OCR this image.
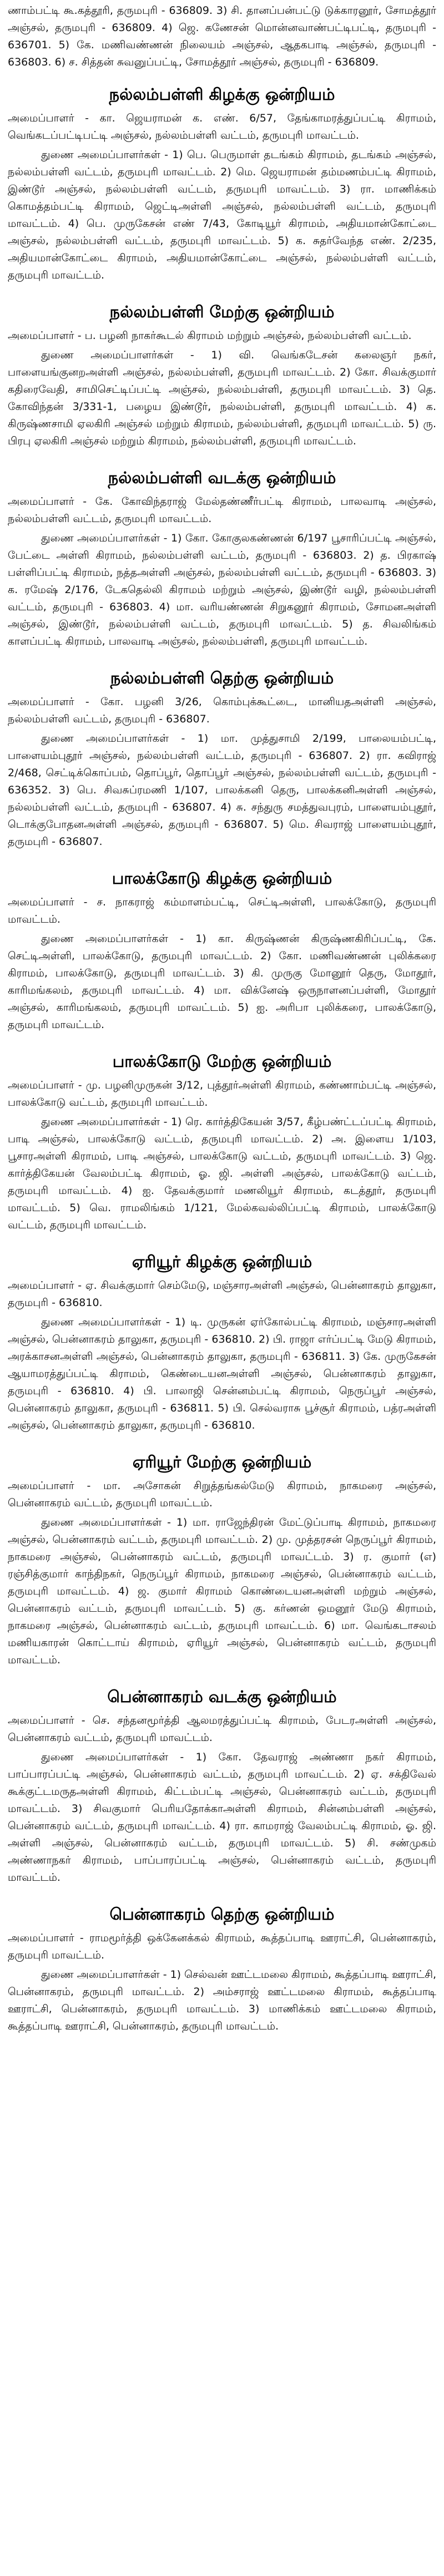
ணாம்பட்டி கூ.கத்தூரி, தருமபுரி - 636809. 3) சி. தானப்பன்பட்டு டுக்காரனூர், சோமத்தூர் அஞ்சல், தருமபுரி - 636809. 4) ஜெ. கணேசன் மொன்னவாண்பட்டிபட்டி, தருமபுரி - 636701. 5) கே. மணிவண்ணன் நிலையம் அஞ்சல், ஆதகபாடி அஞ்சல், தருமபுரி - 636803. 6) ச. சித்தன் சுவனுப்பட்டி, சோமத்தூர் அஞ்சல், தருமபுரி - 636809.

நல்லம்பள்ளி கிழக்கு ஒன்றியம்

அமைப்பாளர் - கா. ஜெயராமன் க. எண். 6/57, தேங்காமரத்துப்பட்டி கிராமம், வெங்கடப்பட்டிபட்டி அஞ்சல், நல்லம்பள்ளி வட்டம், தருமபுரி மாவட்டம்.

துணை அமைப்பாளர்கள் - 1) பெ. பெருமாள் தடங்கம் கிராமம், தடங்கம் அஞ்சல், நல்லம்பள்ளி வட்டம், தருமபுரி மாவட்டம். 2) மெ. ஜெயராமன் தம்மணம்பட்டி கிராமம், இண்டூர் அஞ்சல், நல்லம்பள்ளி வட்டம், தருமபுரி மாவட்டம். 3) ரா. மாணிக்கம் கொமத்தம்பட்டி கிராமம், ஜெட்டிஅள்ளி அஞ்சல், நல்லம்பள்ளி வட்டம், தருமபுரி மாவட்டம். 4) பெ. முருகேசன் எண் 7/43, கோடியூர் கிராமம், அதியமான்கோட்டை அஞ்சல், நல்லம்பள்ளி வட்டம், தருமபுரி மாவட்டம். 5) க. சுதர்வேந்த எண். 2/235, அதியமான்கோட்டை கிராமம், அதியமான்கோட்டை அஞ்சல், நல்லம்பள்ளி வட்டம், தருமபுரி மாவட்டம்.

நல்லம்பள்ளி மேற்கு ஒன்றியம்

அமைப்பாளர் - ப. பழனி நாகர்கூடல் கிராமம் மற்றும் அஞ்சல், நல்லம்பள்ளி வட்டம்.

துணை அமைப்பாளர்கள் - 1) வி. வெங்கடேசன் கலைஞர் நகர், பாளையங்குனறஅள்ளி அஞ்சல், நல்லம்பள்ளி, தருமபுரி மாவட்டம். 2) கோ. சிவக்குமார் கதிரைவேதி, சாமிசெட்டிப்பட்டி அஞ்சல், நல்லம்பள்ளி, தருமபுரி மாவட்டம். 3) தெ. கோவிந்தன் 3/331-1, பழைய இண்டூர், நல்லம்பள்ளி, தருமபுரி மாவட்டம். 4) க. கிருஷ்ணசாமி ஏலகிரி அஞ்சல் மற்றும் கிராமம், நல்லம்பள்ளி, தருமபுரி மாவட்டம். 5) ரு. பிரபு ஏலகிரி அஞ்சல் மற்றும் கிராமம், நல்லம்பள்ளி, தருமபுரி மாவட்டம்.

நல்லம்பள்ளி வடக்கு ஒன்றியம்

அமைப்பாளர் - கே. கோவிந்தராஜ் மேல்தண்ணீர்பட்டி கிராமம், பாலவாடி அஞ்சல், நல்லம்பள்ளி வட்டம், தருமபுரி மாவட்டம்.

துணை அமைப்பாளர்கள் - 1) கோ. கோகுலகண்ணன் 6/197 பூசாரிப்பட்டி அஞ்சல், பேட்டை அள்ளி கிராமம், நல்லம்பள்ளி வட்டம், தருமபுரி - 636803. 2) த. பிரகாஷ் பள்ளிப்பட்டி கிராமம், நத்தஅள்ளி அஞ்சல், நல்லம்பள்ளி வட்டம், தருமபுரி - 636803. 3) க. ரமேஷ் 2/176, டேகதெல்லி கிராமம் மற்றும் அஞ்சல், இண்டூர் வழி, நல்லம்பள்ளி வட்டம், தருமபுரி - 636803. 4) மா. வரியண்ணன் சிறுகனூர் கிராமம், சோமனஅள்ளி அஞ்சல், இண்டூர், நல்லம்பள்ளி வட்டம், தருமபுரி மாவட்டம். 5) த. சிவலிங்கம் காளப்பட்டி கிராமம், பாலவாடி அஞ்சல், நல்லம்பள்ளி, தருமபுரி மாவட்டம்.

நல்லம்பள்ளி தெற்கு ஒன்றியம்

அமைப்பாளர் - கோ. பழனி 3/26, கொம்புக்கூட்டை, மானியதஅள்ளி அஞ்சல், நல்லம்பள்ளி வட்டம், தருமபுரி - 636807.

துணை அமைப்பாளர்கள் - 1) மா. முத்துசாமி 2/199, பாலையம்பட்டி, பாளையம்புதூர் அஞ்சல், நல்லம்பள்ளி வட்டம், தருமபுரி - 636807. 2) ரா. கவிராஜ் 2/468, செட்டிக்கொப்பம், தொப்பூர், தொப்பூர் அஞ்சல், நல்லம்பள்ளி வட்டம், தருமபுரி - 636352. 3) பெ. சிவசுப்ரமணி 1/107, பாலக்கனி தெரு, பாலக்கனிஅள்ளி அஞ்சல், நல்லம்பள்ளி வட்டம், தருமபுரி - 636807. 4) சு. சந்துரு சமத்துவபுரம், பாளையம்புதூர், டொக்குபோதனஅள்ளி அஞ்சல், தருமபுரி - 636807. 5) மெ. சிவராஜ் பாளையம்புதூர், தருமபுரி - 636807.

பாலக்கோடு கிழக்கு ஒன்றியம்

அமைப்பாளர் - ச. நாகராஜ் கம்மாளம்பட்டி, செட்டிஅள்ளி, பாலக்கோடு, தருமபுரி மாவட்டம்.

துணை அமைப்பாளர்கள் - 1) கா. கிருஷ்ணன் கிருஷ்ணகிரிப்பட்டி, கே. செட்டிஅள்ளி, பாலக்கோடு, தருமபுரி மாவட்டம். 2) கோ. மணிவண்ணன் புலிக்கரை கிராமம், பாலக்கோடு, தருமபுரி மாவட்டம். 3) கி. முருகு மோனூர் தெரு, மோதூர், காரிமங்கலம், தருமபுரி மாவட்டம். 4) மா. விக்னேஷ் ஒருநாளனப்பள்ளி, மோதூர் அஞ்சல், காரிமங்கலம், தருமபுரி மாவட்டம். 5) ஐ. அரிபா புலிக்கரை, பாலக்கோடு, தருமபுரி மாவட்டம்.

பாலக்கோடு மேற்கு ஒன்றியம்

அமைப்பாளர் - மு. பழனிமுருகன் 3/12, புத்தூர்அள்ளி கிராமம், கண்ணாம்பட்டி அஞ்சல், பாலக்கோடு வட்டம், தருமபுரி மாவட்டம்.

துணை அமைப்பாளர்கள் - 1) ரெ. கார்த்திகேயன் 3/57, கீழ்பண்ட்டப்பட்டி கிராமம், பாடி அஞ்சல், பாலக்கோடு வட்டம், தருமபுரி மாவட்டம். 2) அ. இளைய 1/103, பூசாரஅள்ளி கிராமம், பாடி அஞ்சல், பாலக்கோடு வட்டம், தருமபுரி மாவட்டம். 3) ஜெ. கார்த்திகேயன் வேலம்பட்டி கிராமம், ஓ. ஜி. அள்ளி அஞ்சல், பாலக்கோடு வட்டம், தருமபுரி மாவட்டம். 4) ஐ. தேவக்குமார் மணலியூர் கிராமம், கடத்தூர், தருமபுரி மாவட்டம். 5) வெ. ராமலிங்கம் 1/121, மேல்கவல்லிப்பட்டி கிராமம், பாலக்கோடு வட்டம், தருமபுரி மாவட்டம்.

ஏரியூர் கிழக்கு ஒன்றியம்

அமைப்பாளர் - ஏ. சிவக்குமார் செம்மேடு, மஞ்சாரஅள்ளி அஞ்சல், பென்னாகரம் தாலுகா, தருமபுரி - 636810.

துணை அமைப்பாளர்கள் - 1) டி. முருகன் ஏர்கோல்பட்டி கிராமம், மஞ்சாரஅள்ளி அஞ்சல், பென்னாகரம் தாலுகா, தருமபுரி - 636810. 2) பி. ராஜா எர்ப்பட்டி மேடு கிராமம், அரக்காசனஅள்ளி அஞ்சல், பென்னாகரம் தாலுகா, தருமபுரி - 636811. 3) கே. முருகேசன் ஆயாமரத்துப்பட்டி கிராமம், கெண்டையனஅள்ளி அஞ்சல், பென்னாகரம் தாலுகா, தருமபுரி - 636810. 4) பி. பாலாஜி சென்னம்பட்டி கிராமம், நெருப்பூர் அஞ்சல், பென்னாகரம் தாலுகா, தருமபுரி - 636811. 5) பி. செல்வராசு பூச்சூர் கிராமம், பத்ரஅள்ளி அஞ்சல், பென்னாகரம் தாலுகா, தருமபுரி - 636810.

ஏரியூர் மேற்கு ஒன்றியம்

அமைப்பாளர் - மா. அசோகன் சிறுத்தங்கல்மேடு கிராமம், நாகமரை அஞ்சல், பென்னாகரம் வட்டம், தருமபுரி மாவட்டம்.

துணை அமைப்பாளர்கள் - 1) மா. ராஜேந்திரன் மேட்டுப்பாடி கிராமம், நாகமரை அஞ்சல், பென்னாகரம் வட்டம், தருமபுரி மாவட்டம். 2) மு. முத்தரசன் நெருப்பூர் கிராமம், நாகமரை அஞ்சல், பென்னாகரம் வட்டம், தருமபுரி மாவட்டம். 3) ர. குமார் (எ) ரஞ்சித்குமார் காந்திநகர், நெருப்பூர் கிராமம், நாகமரை அஞ்சல், பென்னாகரம் வட்டம், தருமபுரி மாவட்டம். 4) ஜ. குமார் கிராமம் கொண்டையனஅள்ளி மற்றும் அஞ்சல், பென்னாகரம் வட்டம், தருமபுரி மாவட்டம். 5) கு. கர்ணன் ஒமனூர் மேடு கிராமம், நாகமரை அஞ்சல், பென்னாகரம் வட்டம், தருமபுரி மாவட்டம். 6) மா. வெங்கடாசலம் மணியகாரன் கொட்டாய் கிராமம், ஏரியூர் அஞ்சல், பென்னாகரம் வட்டம், தருமபுரி மாவட்டம்.

பென்னாகரம் வடக்கு ஒன்றியம்

அமைப்பாளர் - செ. சந்தனமூர்த்தி ஆலமரத்துப்பட்டி கிராமம், பேடரஅள்ளி அஞ்சல், பென்னாகரம் வட்டம், தருமபுரி மாவட்டம்.

துணை அமைப்பாளர்கள் - 1) கோ. தேவராஜ் அண்ணா நகர் கிராமம், பாப்பாரப்பட்டி அஞ்சல், பென்னாகரம் வட்டம், தருமபுரி மாவட்டம். 2) ஏ. சக்திவேல் கூக்குட்டமருதஅள்ளி கிராமம், கிட்டம்பட்டி அஞ்சல், பென்னாகரம் வட்டம், தருமபுரி மாவட்டம். 3) சிவகுமார் பெரியதோக்காஅள்ளி கிராமம், சின்னம்பள்ளி அஞ்சல், பென்னாகரம் வட்டம், தருமபுரி மாவட்டம். 4) ரா. காமராஜ் வேலம்பட்டி கிராமம், ஓ. ஜி. அள்ளி அஞ்சல், பென்னாகரம் வட்டம், தருமபுரி மாவட்டம். 5) சி. சண்முகம் அண்ணாநகர் கிராமம், பாப்பாரப்பட்டி அஞ்சல், பென்னாகரம் வட்டம், தருமபுரி மாவட்டம்.

பென்னாகரம் தெற்கு ஒன்றியம்

அமைப்பாளர் - ராமமூர்த்தி ஒக்கேனக்கல் கிராமம், கூத்தப்பாடி ஊராட்சி, பென்னாகரம், தருமபுரி மாவட்டம்.

துணை அமைப்பாளர்கள் - 1) செல்வன் ஊட்டமலை கிராமம், கூத்தப்பாடி ஊராட்சி, பென்னாகரம், தருமபுரி மாவட்டம். 2) அம்சராஜ் ஊட்டமலை கிராமம், கூத்தப்பாடி ஊராட்சி, பென்னாகரம், தருமபுரி மாவட்டம். 3) மாணிக்கம் ஊட்டமலை கிராமம், கூத்தப்பாடி ஊராட்சி, பென்னாகரம், தருமபுரி மாவட்டம்.
